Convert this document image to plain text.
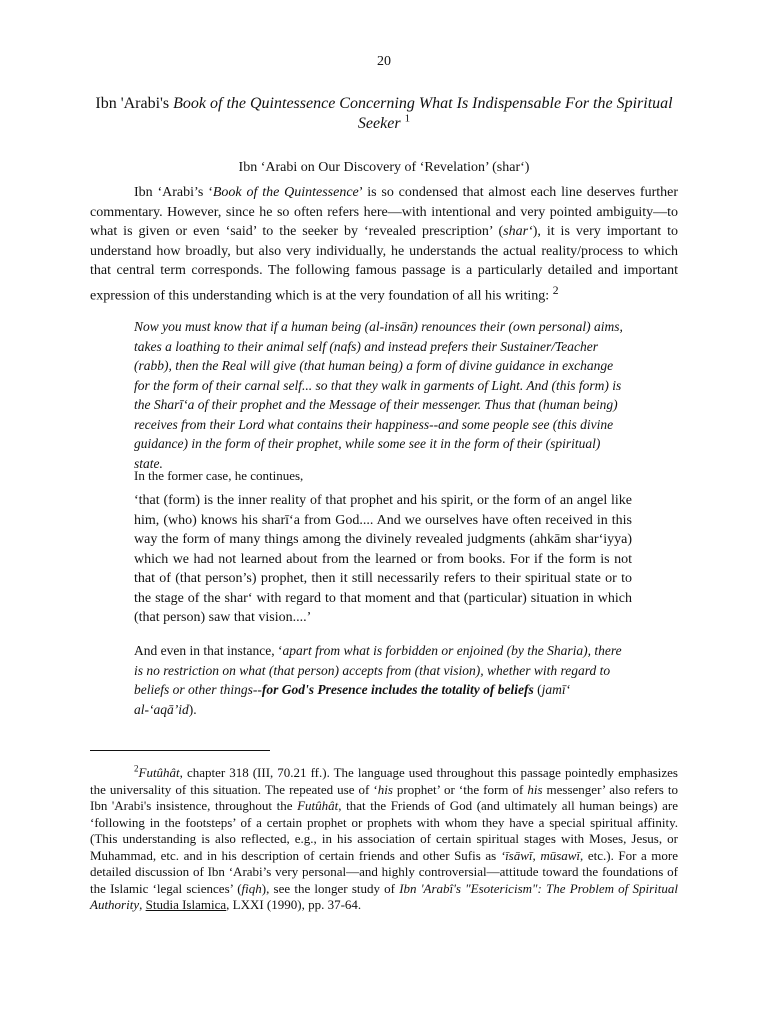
20
Ibn 'Arabi's Book of the Quintessence Concerning What Is Indispensable For the Spiritual Seeker $^1$
Ibn ‘Arabi on Our Discovery of ‘Revelation’ (shar‘)

Ibn ‘Arabi’s ‘Book of the Quintessence’ is so condensed that almost each line deserves further commentary. However, since he so often refers here—with intentional and very pointed ambiguity—to what is given or even ‘said’ to the seeker by ‘revealed prescription’ (shar‘), it is very important to understand how broadly, but also very individually, he understands the actual reality/process to which that central term corresponds. The following famous passage is a particularly detailed and important expression of this understanding which is at the very foundation of all his writing: $^2$

Now you must know that if a human being (al-insān) renounces their (own personal) aims, takes a loathing to their animal self (nafs) and instead prefers their Sustainer/Teacher (rabb), then the Real will give (that human being) a form of divine guidance in exchange for the form of their carnal self... so that they walk in garments of Light. And (this form) is the Sharī‘a of their prophet and the Message of their messenger. Thus that (human being) receives from their Lord what contains their happiness--and some people see (this divine guidance) in the form of their prophet, while some see it in the form of their (spiritual) state.

In the former case, he continues,

‘that (form) is the inner reality of that prophet and his spirit, or the form of an angel like him, (who) knows his sharī‘a from God.... And we ourselves have often received in this way the form of many things among the divinely revealed judgments (ahkām shar‘iyya) which we had not learned about from the learned or from books. For if the form is not that of (that person’s) prophet, then it still necessarily refers to their spiritual state or to the stage of the shar‘ with regard to that moment and that (particular) situation in which (that person) saw that vision....’

And even in that instance, ‘apart from what is forbidden or enjoined (by the Sharia), there is no restriction on what (that person) accepts from (that vision), whether with regard to beliefs or other things--for God's Presence includes the totality of beliefs (jamī‘ al-‘aqā’id).

$^2$Futûhât, chapter 318 (III, 70.21 ff.). The language used throughout this passage pointedly emphasizes the universality of this situation. The repeated use of ‘his prophet’ or ‘the form of his messenger’ also refers to Ibn 'Arabi's insistence, throughout the Futûhât, that the Friends of God (and ultimately all human beings) are ‘following in the footsteps’ of a certain prophet or prophets with whom they have a special spiritual affinity. (This understanding is also reflected, e.g., in his association of certain spiritual stages with Moses, Jesus, or Muhammad, etc. and in his description of certain friends and other Sufis as ‘īsāwī, mūsawī, etc.). For a more detailed discussion of Ibn ‘Arabi’s very personal—and highly controversial—attitude toward the foundations of the Islamic ‘legal sciences’ (fiqh), see the longer study of Ibn 'Arabî's "Esotericism": The Problem of Spiritual Authority, Studia Islamica, LXXI (1990), pp. 37-64.
